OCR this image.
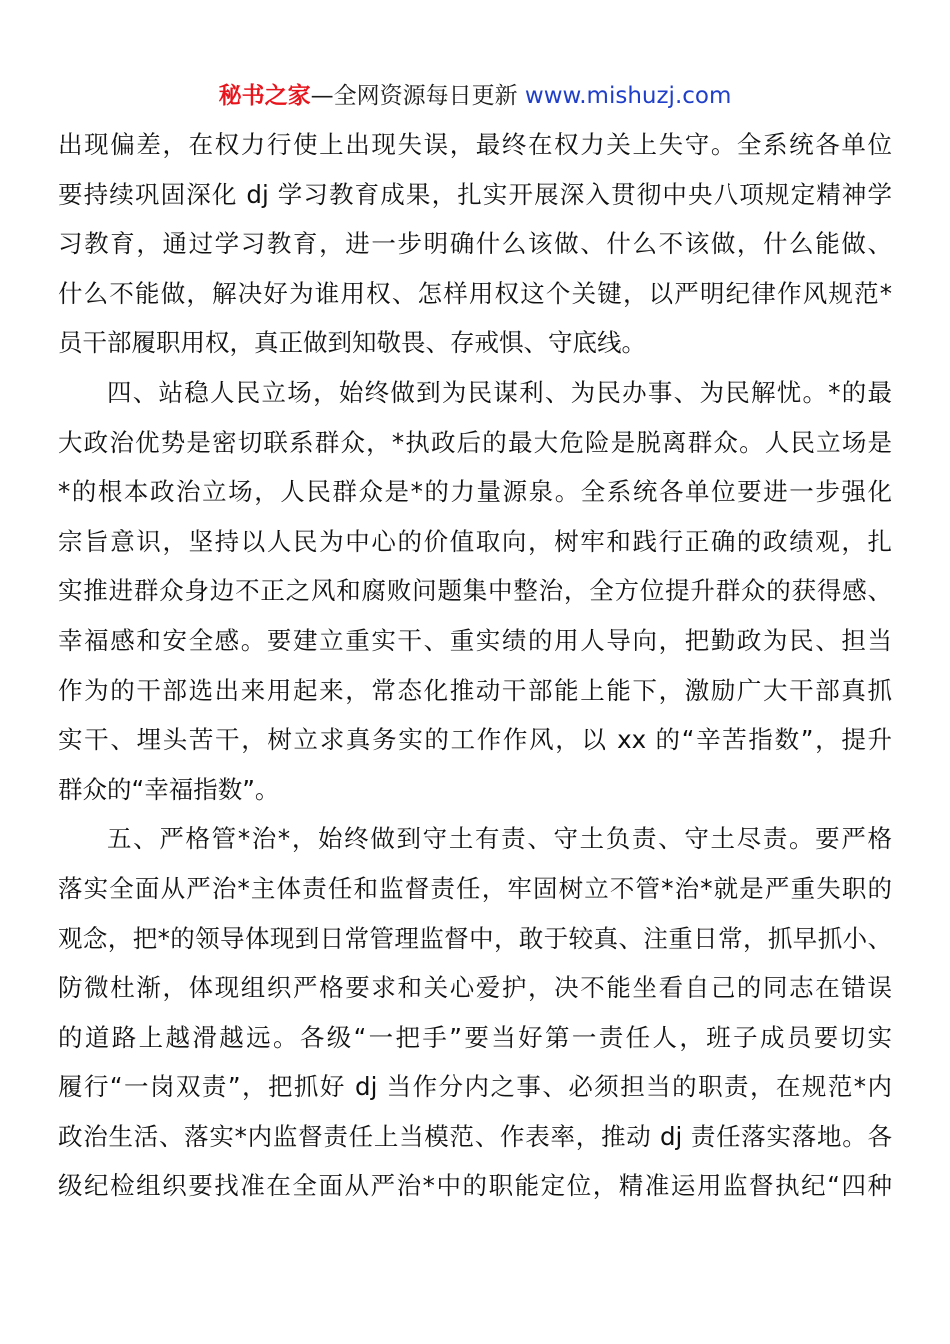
秘书之家—全网资源每日更新 www.mishuzj.com
出现偏差，在权力行使上出现失误，最终在权力关上失守。全系统各单位
要持续巩固深化 dj 学习教育成果，扎实开展深入贯彻中央八项规定精神学
习教育，通过学习教育，进一步明确什么该做、什么不该做，什么能做、
什么不能做，解决好为谁用权、怎样用权这个关键，以严明纪律作风规范*
员干部履职用权，真正做到知敬畏、存戒惧、守底线。
四、站稳人民立场，始终做到为民谋利、为民办事、为民解忧。*的最
大政治优势是密切联系群众，*执政后的最大危险是脱离群众。人民立场是
*的根本政治立场，人民群众是*的力量源泉。全系统各单位要进一步强化
宗旨意识，坚持以人民为中心的价值取向，树牢和践行正确的政绩观，扎
实推进群众身边不正之风和腐败问题集中整治，全方位提升群众的获得感、
幸福感和安全感。要建立重实干、重实绩的用人导向，把勤政为民、担当
作为的干部选出来用起来，常态化推动干部能上能下，激励广大干部真抓
实干、埋头苦干，树立求真务实的工作作风，以 xx 的“辛苦指数”，提升
群众的“幸福指数”。
五、严格管*治*，始终做到守土有责、守土负责、守土尽责。要严格
落实全面从严治*主体责任和监督责任，牢固树立不管*治*就是严重失职的
观念，把*的领导体现到日常管理监督中，敢于较真、注重日常，抓早抓小、
防微杜渐，体现组织严格要求和关心爱护，决不能坐看自己的同志在错误
的道路上越滑越远。各级“一把手”要当好第一责任人，班子成员要切实
履行“一岗双责”，把抓好 dj 当作分内之事、必须担当的职责，在规范*内
政治生活、落实*内监督责任上当模范、作表率，推动 dj 责任落实落地。各
级纪检组织要找准在全面从严治*中的职能定位，精准运用监督执纪“四种
